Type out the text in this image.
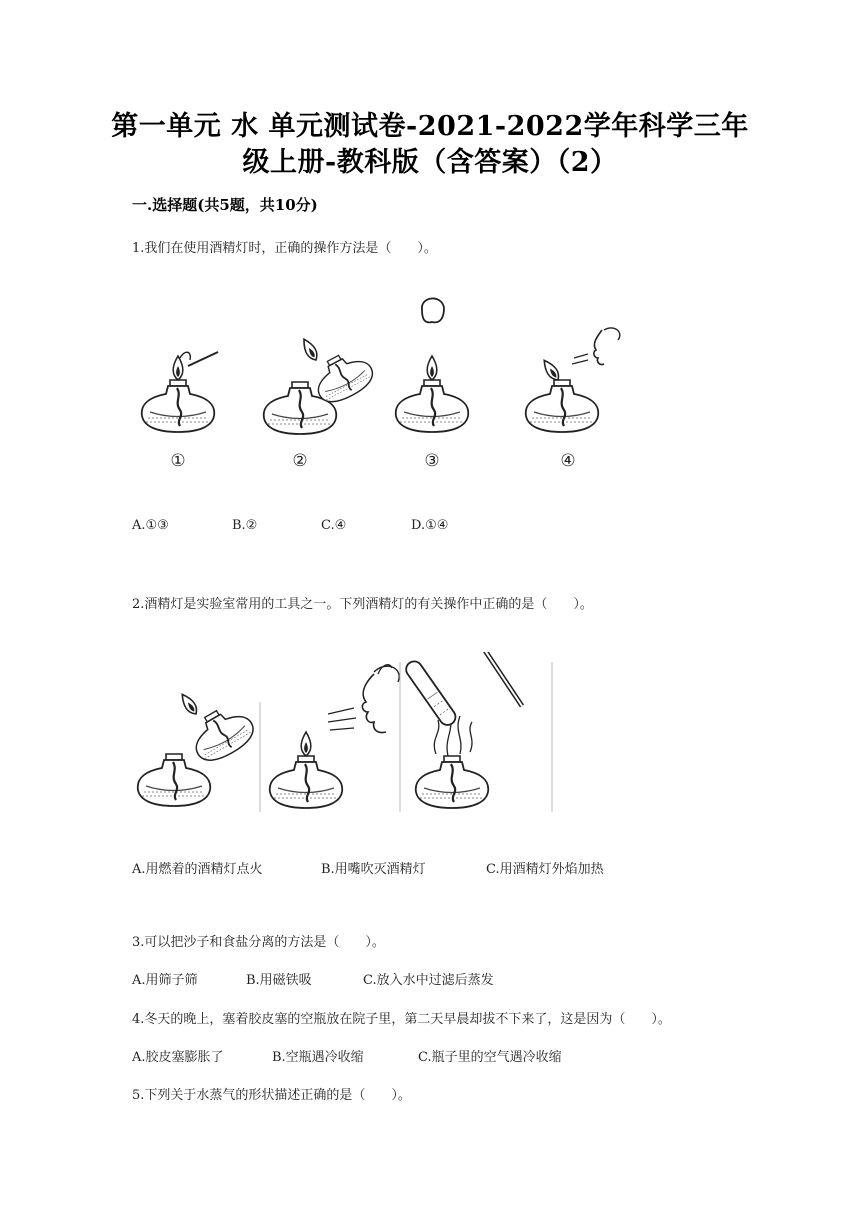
第一单元 水 单元测试卷-2021-2022学年科学三年
级上册-教科版（含答案）（2）
一.选择题(共5题，共10分)
1.我们在使用酒精灯时，正确的操作方法是（　　）。
①	②	③	④
A.①③	B.②	C.④	D.①④
2.酒精灯是实验室常用的工具之一。下列酒精灯的有关操作中正确的是（　　）。
A.用燃着的酒精灯点火	B.用嘴吹灭酒精灯	C.用酒精灯外焰加热
3.可以把沙子和食盐分离的方法是（　　）。
A.用筛子筛	B.用磁铁吸	C.放入水中过滤后蒸发
4.冬天的晚上，塞着胶皮塞的空瓶放在院子里，第二天早晨却拔不下来了，这是因为（　　）。
A.胶皮塞膨胀了	B.空瓶遇冷收缩	C.瓶子里的空气遇冷收缩
5.下列关于水蒸气的形状描述正确的是（　　）。
